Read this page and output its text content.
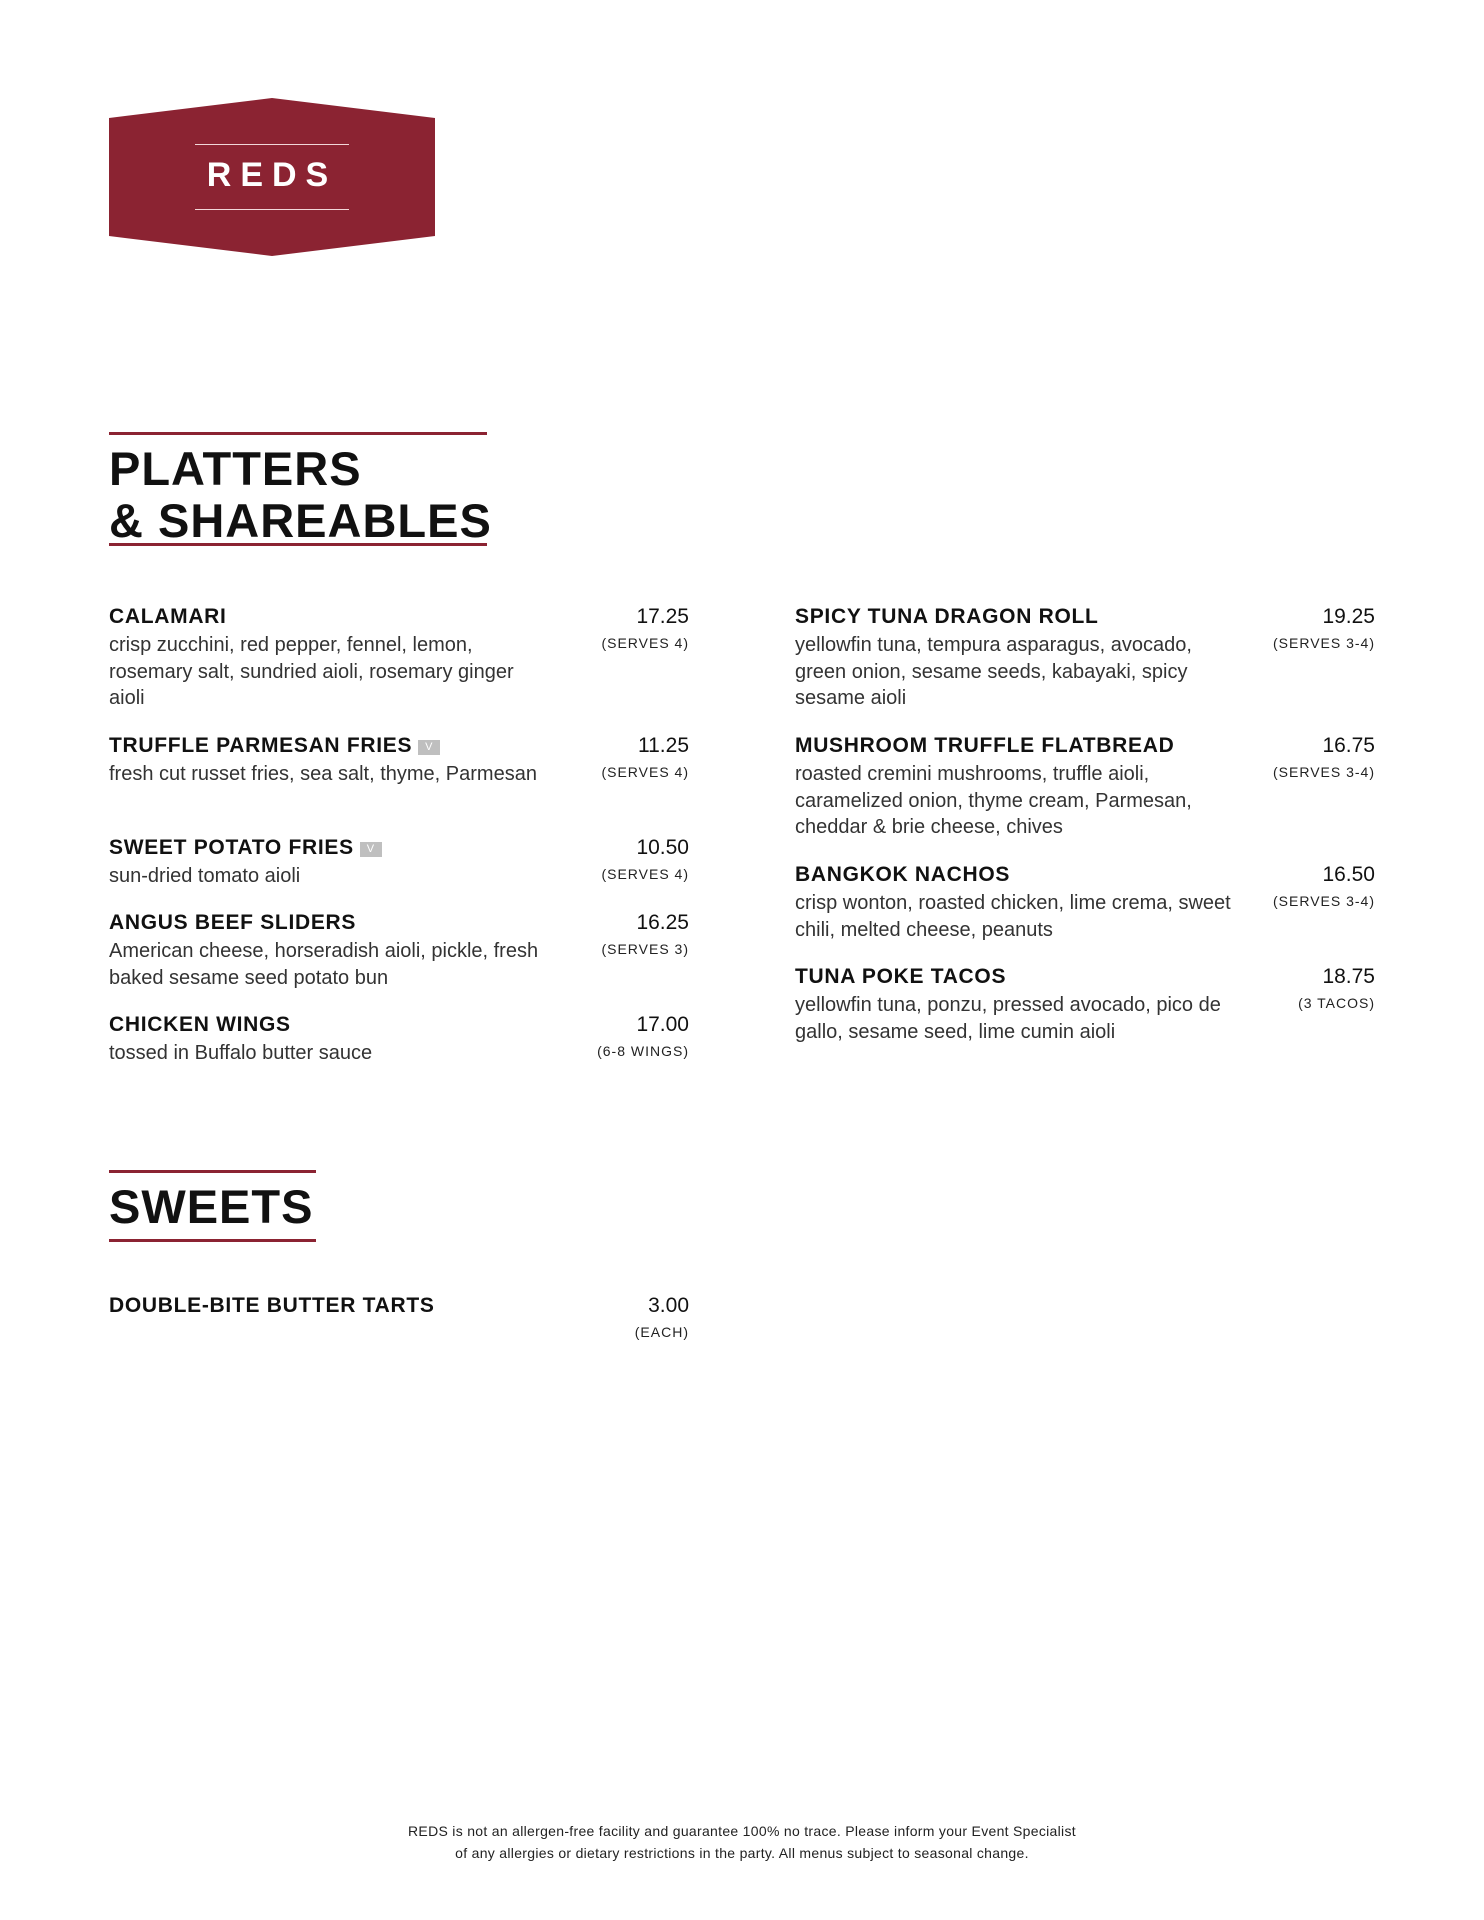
REDS
PLATTERS
& SHAREABLES
CALAMARI
crisp zucchini, red pepper, fennel, lemon, rosemary salt, sundried aioli, rosemary ginger aioli
17.25
(SERVES 4)
TRUFFLE PARMESAN FRIES V
fresh cut russet fries, sea salt, thyme, Parmesan
11.25
(SERVES 4)
SWEET POTATO FRIES V
sun-dried tomato aioli
10.50
(SERVES 4)
ANGUS BEEF SLIDERS
American cheese, horseradish aioli, pickle, fresh baked sesame seed potato bun
16.25
(SERVES 3)
CHICKEN WINGS
tossed in Buffalo butter sauce
17.00
(6-8 WINGS)
SPICY TUNA DRAGON ROLL
yellowfin tuna, tempura asparagus, avocado, green onion, sesame seeds, kabayaki, spicy sesame aioli
19.25
(SERVES 3-4)
MUSHROOM TRUFFLE FLATBREAD
roasted cremini mushrooms, truffle aioli, caramelized onion, thyme cream, Parmesan, cheddar & brie cheese, chives
16.75
(SERVES 3-4)
BANGKOK NACHOS
crisp wonton, roasted chicken, lime crema, sweet chili, melted cheese, peanuts
16.50
(SERVES 3-4)
TUNA POKE TACOS
yellowfin tuna, ponzu, pressed avocado, pico de gallo, sesame seed, lime cumin aioli
18.75
(3 TACOS)
SWEETS
DOUBLE-BITE BUTTER TARTS	3.00
(EACH)
REDS is not an allergen-free facility and guarantee 100% no trace. Please inform your Event Specialist
of any allergies or dietary restrictions in the party. All menus subject to seasonal change.
